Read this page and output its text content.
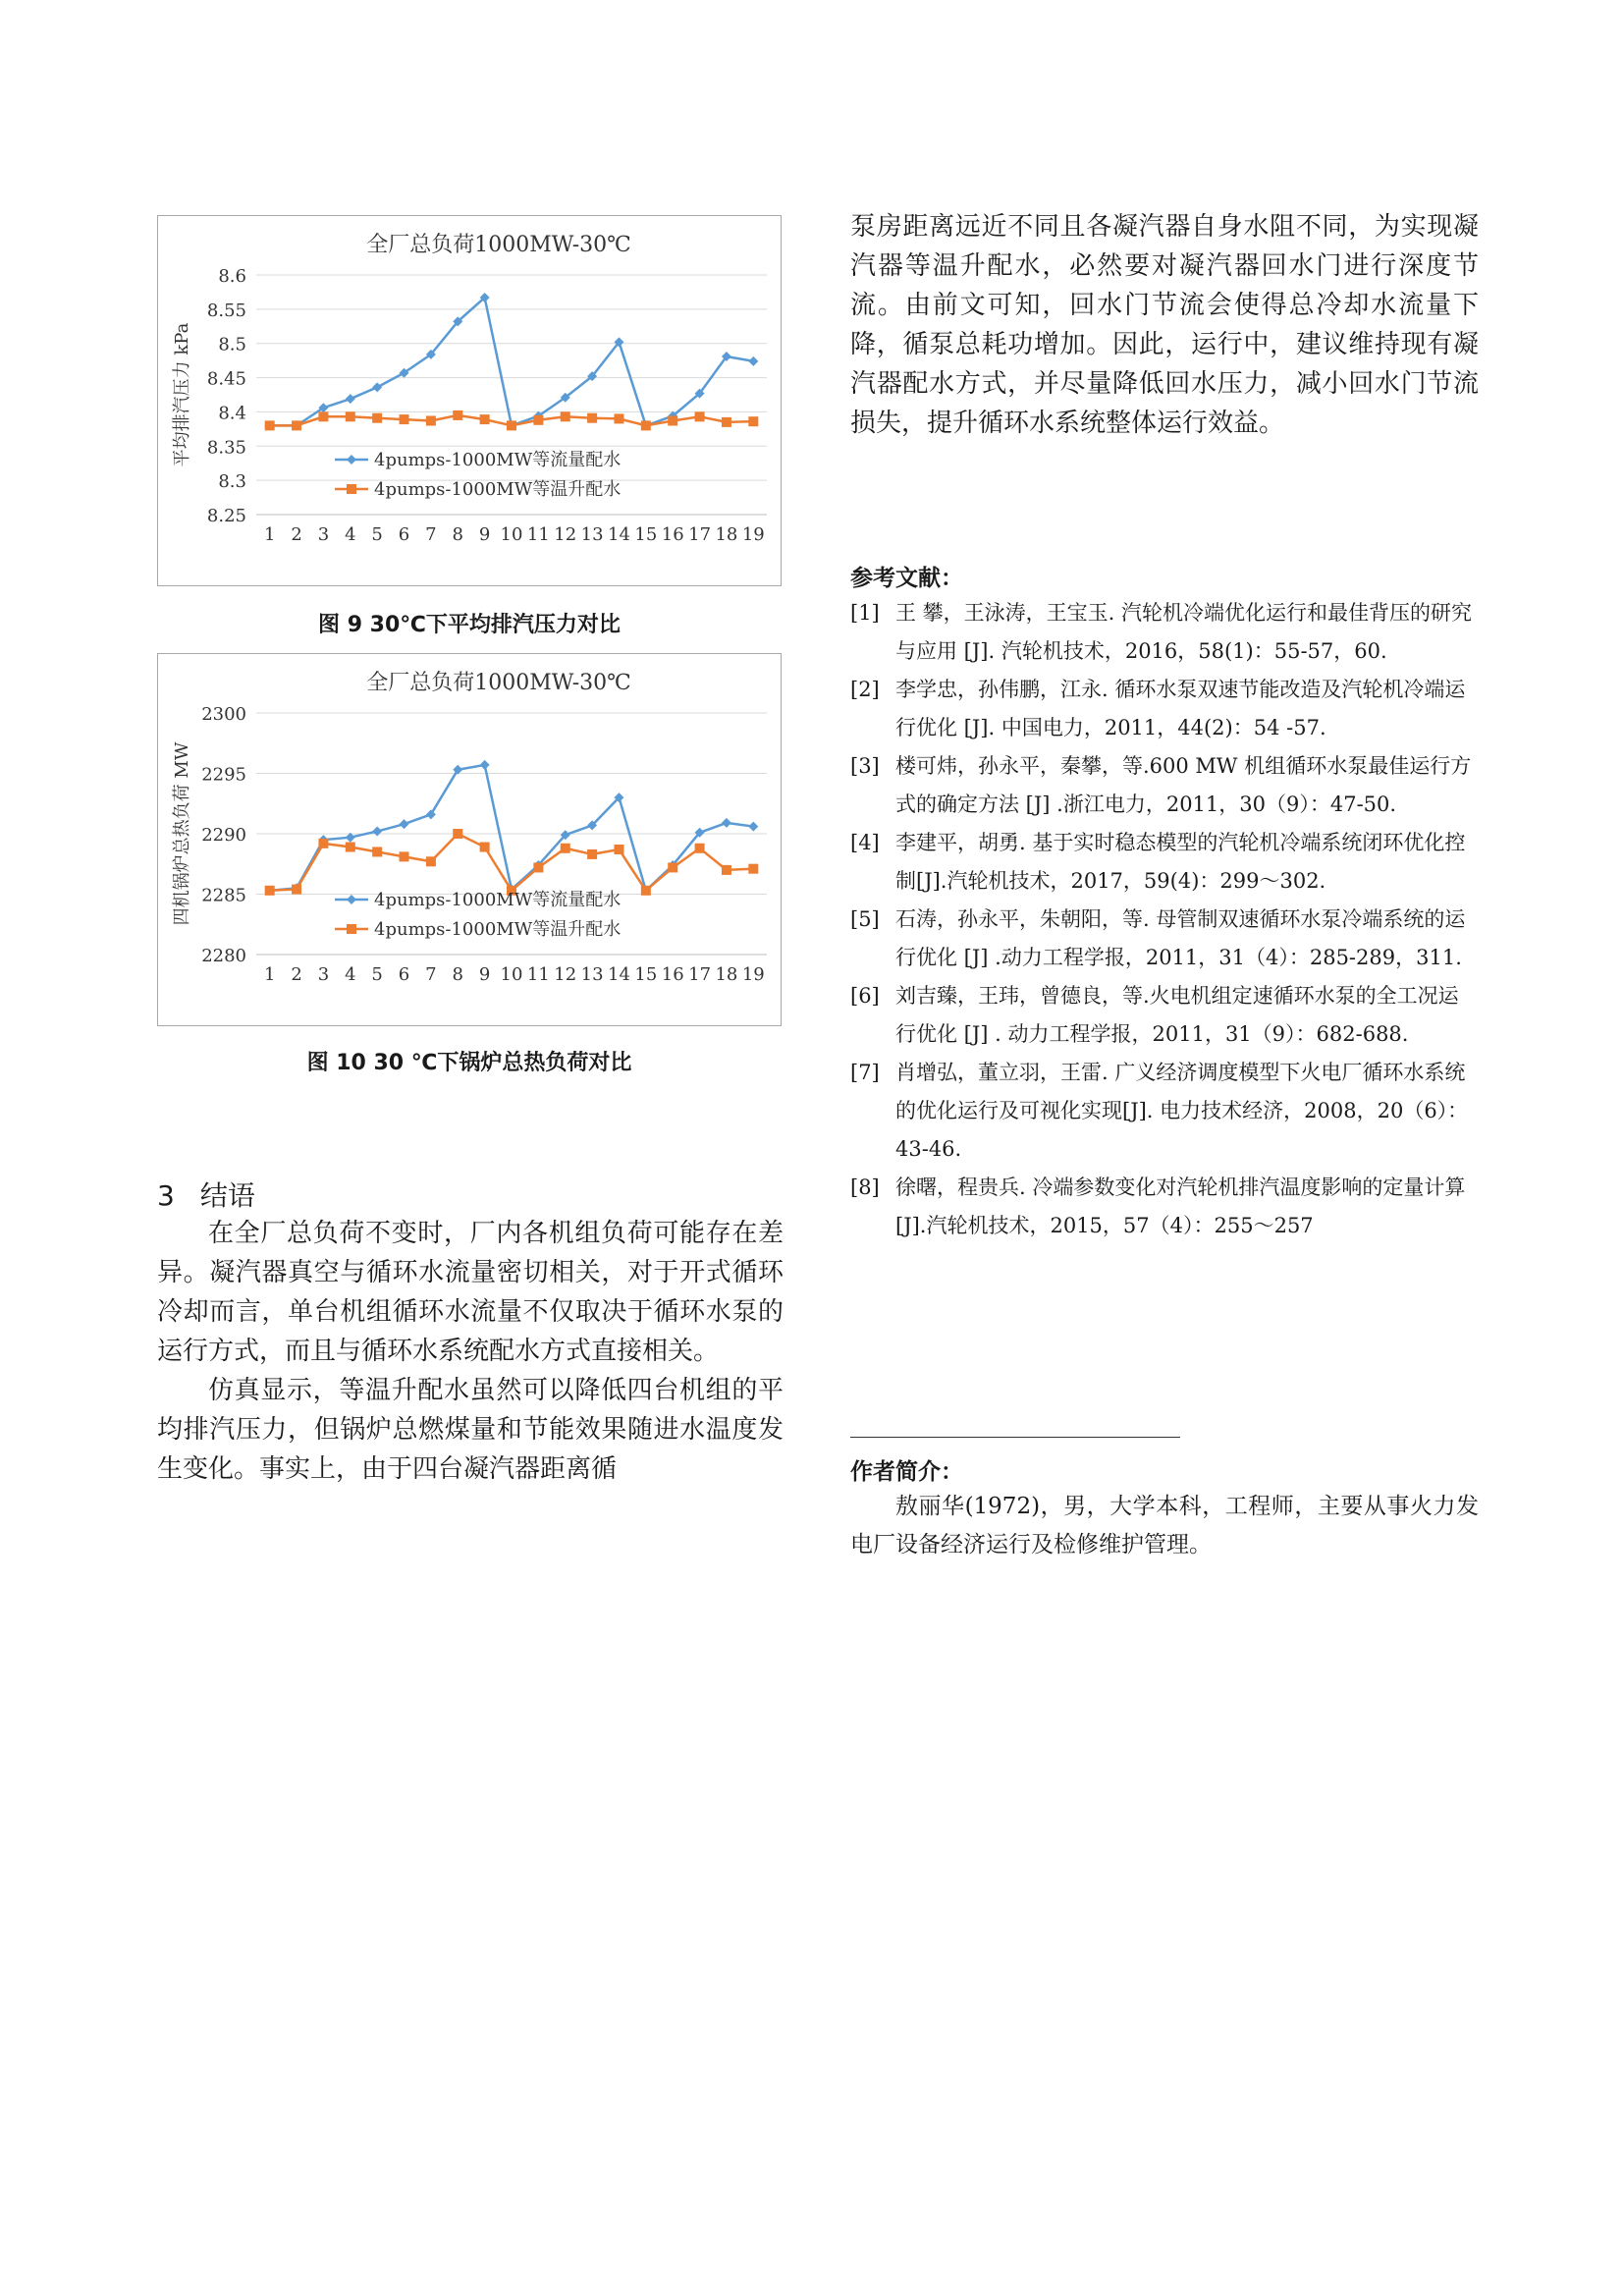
全厂总负荷1000MW-30℃
8.25
8.3
8.35
8.4
8.45
8.5
8.55
8.6
1 2 3 4 5 6 7 8 9 10 11 12 13 14 15 16 17 18 19
平均排汽压力 kPa	4pumps-1000MW等流量配水
4pumps-1000MW等温升配水
图 9 30℃下平均排汽压力对比
全厂总负荷1000MW-30℃
2280
2285
2290
2295
2300
1 2 3 4 5 6 7 8 9 10 11 12 13 14 15 16 17 18 19
四机锅炉总热负荷 MW	4pumps-1000MW等流量配水
4pumps-1000MW等温升配水
图 10 30 ℃下锅炉总热负荷对比
3 结语

在全厂总负荷不变时，厂内各机组负荷可能存在差异。凝汽器真空与循环水流量密切相关，对于开式循环冷却而言，单台机组循环水流量不仅取决于循环水泵的运行方式，而且与循环水系统配水方式直接相关。

仿真显示，等温升配水虽然可以降低四台机组的平均排汽压力，但锅炉总燃煤量和节能效果随进水温度发生变化。事实上，由于四台凝汽器距离循

泵房距离远近不同且各凝汽器自身水阻不同，为实现凝汽器等温升配水，必然要对凝汽器回水门进行深度节流。由前文可知，回水门节流会使得总冷却水流量下降，循泵总耗功增加。因此，运行中，建议维持现有凝汽器配水方式，并尽量降低回水压力，减小回水门节流损失，提升循环水系统整体运行效益。

参考文献：
[1] 王 攀，王泳涛，王宝玉. 汽轮机冷端优化运行和最佳背压的研究与应用 [J]. 汽轮机技术，2016，58(1)：55-57，60.
[2] 李学忠，孙伟鹏，江永. 循环水泵双速节能改造及汽轮机冷端运行优化 [J]. 中国电力，2011，44(2)：54 -57.
[3] 楼可炜，孙永平，秦攀，等.600 MW 机组循环水泵最佳运行方式的确定方法 [J] .浙江电力，2011，30（9）：47-50.
[4] 李建平，胡勇. 基于实时稳态模型的汽轮机冷端系统闭环优化控制[J].汽轮机技术，2017，59(4)：299～302.
[5] 石涛，孙永平，朱朝阳，等. 母管制双速循环水泵冷端系统的运行优化 [J] .动力工程学报，2011，31（4）：285-289，311.
[6] 刘吉臻，王玮，曾德良，等.火电机组定速循环水泵的全工况运行优化 [J] . 动力工程学报，2011，31（9）：682-688.
[7] 肖增弘，董立羽，王雷. 广义经济调度模型下火电厂循环水系统的优化运行及可视化实现[J]. 电力技术经济，2008，20（6）：43-46.
[8] 徐曙，程贵兵. 冷端参数变化对汽轮机排汽温度影响的定量计算[J].汽轮机技术，2015，57（4）：255～257
作者简介：

敖丽华(1972)，男，大学本科，工程师，主要从事火力发电厂设备经济运行及检修维护管理。
